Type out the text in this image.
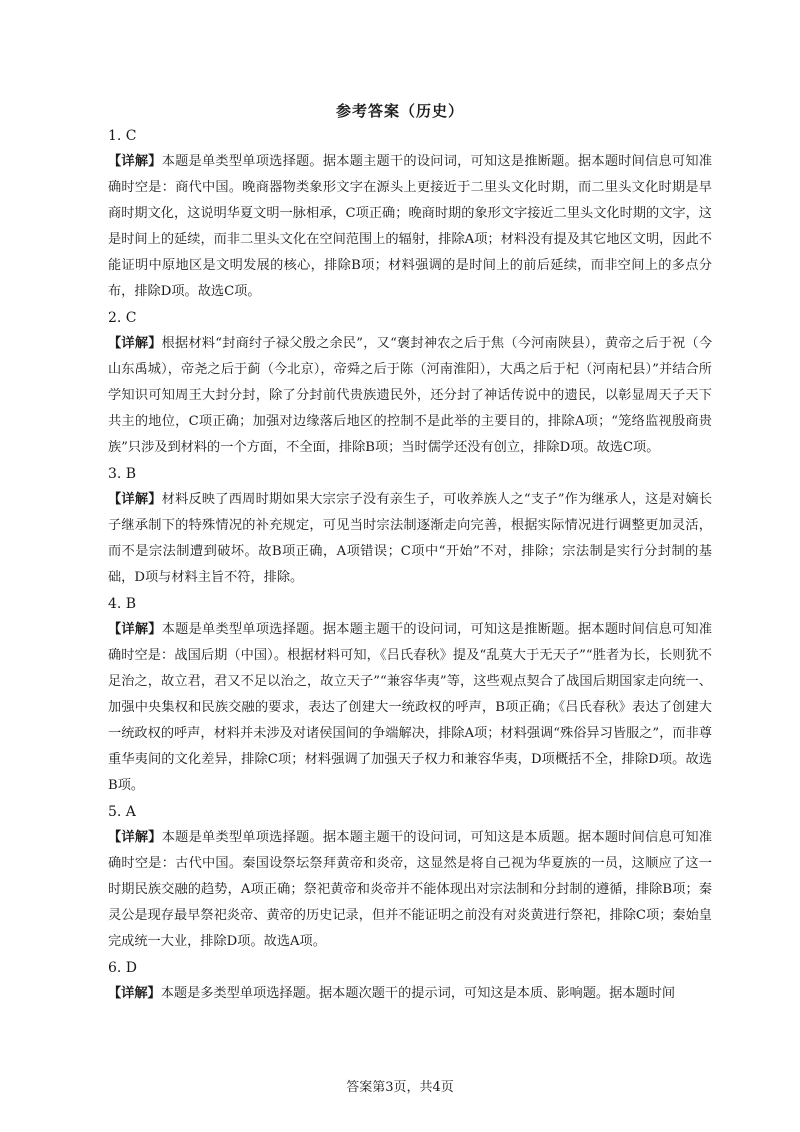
参考答案（历史）
1. C
【详解】本题是单类型单项选择题。据本题主题干的设问词，可知这是推断题。据本题时间信息可知准确时空是：商代中国。晚商器物类象形文字在源头上更接近于二里头文化时期，而二里头文化时期是早商时期文化，这说明华夏文明一脉相承，C项正确；晚商时期的象形文字接近二里头文化时期的文字，这是时间上的延续，而非二里头文化在空间范围上的辐射，排除A项；材料没有提及其它地区文明，因此不能证明中原地区是文明发展的核心，排除B项；材料强调的是时间上的前后延续，而非空间上的多点分布，排除D项。故选C项。
2. C
【详解】根据材料“封商纣子禄父殷之余民”，又“褒封神农之后于焦（今河南陕县），黄帝之后于祝（今山东禹城），帝尧之后于蓟（今北京），帝舜之后于陈（河南淮阳），大禹之后于杞（河南杞县）”并结合所学知识可知周王大封分封，除了分封前代贵族遗民外，还分封了神话传说中的遗民，以彰显周天子天下共主的地位，C项正确；加强对边缘落后地区的控制不是此举的主要目的，排除A项；“笼络监视殷商贵族”只涉及到材料的一个方面，不全面，排除B项；当时儒学还没有创立，排除D项。故选C项。
3. B
【详解】材料反映了西周时期如果大宗宗子没有亲生子，可收养族人之“支子”作为继承人，这是对嫡长子继承制下的特殊情况的补充规定，可见当时宗法制逐渐走向完善，根据实际情况进行调整更加灵活，而不是宗法制遭到破坏。故B项正确，A项错误；C项中“开始”不对，排除；宗法制是实行分封制的基础，D项与材料主旨不符，排除。
4. B
【详解】本题是单类型单项选择题。据本题主题干的设问词，可知这是推断题。据本题时间信息可知准确时空是：战国后期（中国）。根据材料可知，《吕氏春秋》提及“乱莫大于无天子”“胜者为长，长则犹不足治之，故立君，君又不足以治之，故立天子”“兼容华夷”等，这些观点契合了战国后期国家走向统一、加强中央集权和民族交融的要求，表达了创建大一统政权的呼声，B项正确；《吕氏春秋》表达了创建大一统政权的呼声，材料并未涉及对诸侯国间的争端解决，排除A项；材料强调“殊俗异习皆服之”，而非尊重华夷间的文化差异，排除C项；材料强调了加强天子权力和兼容华夷，D项概括不全，排除D项。故选B项。
5. A
【详解】本题是单类型单项选择题。据本题主题干的设问词，可知这是本质题。据本题时间信息可知准确时空是：古代中国。秦国设祭坛祭拜黄帝和炎帝，这显然是将自己视为华夏族的一员，这顺应了这一时期民族交融的趋势，A项正确；祭祀黄帝和炎帝并不能体现出对宗法制和分封制的遵循，排除B项；秦灵公是现存最早祭祀炎帝、黄帝的历史记录，但并不能证明之前没有对炎黄进行祭祀，排除C项；秦始皇完成统一大业，排除D项。故选A项。
6. D
【详解】本题是多类型单项选择题。据本题次题干的提示词，可知这是本质、影响题。据本题时间
答案第3页，共4页
